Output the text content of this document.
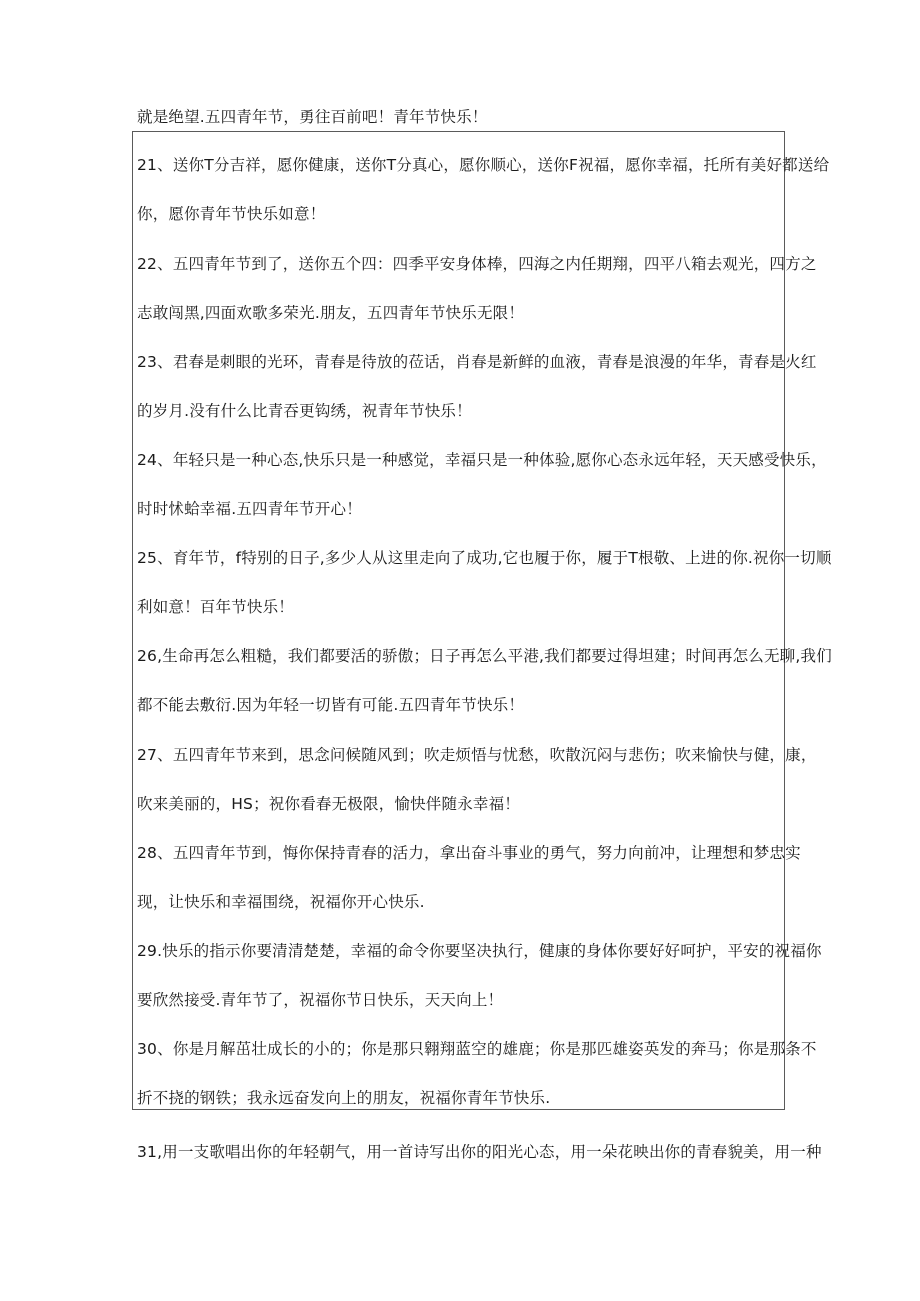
就是绝望.五四青年节，勇往百前吧！青年节快乐！
21、送你T分吉祥，愿你健康，送你T分真心，愿你顺心，送你F祝福，愿你幸福，托所有美好都送给
你，愿你青年节快乐如意！
22、五四青年节到了，送你五个四：四季平安身体棒，四海之内任期翔，四平八箱去观光，四方之
志敢闯黑,四面欢歌多荣光.朋友，五四青年节快乐无限！
23、君春是刺眼的光环，青春是待放的莅话，肖春是新鲜的血液，青春是浪漫的年华，青春是火红
的岁月.没有什么比青吞更钩绣，祝青年节快乐！
24、年轻只是一种心态,快乐只是一种感觉，幸福只是一种体验,愿你心态永远年轻，天天感受快乐，
时时怵蛤幸福.五四青年节开心！
25、育年节，f特别的日子,多少人从这里走向了成功,它也履于你，履于T根敬、上进的你.祝你一切顺
利如意！百年节快乐！
26,生命再怎么粗糙，我们都要活的骄傲；日子再怎么平港,我们都要过得坦建；时间再怎么无聊,我们
都不能去敷衍.因为年轻一切皆有可能.五四青年节快乐！
27、五四青年节来到，思念问候随风到；吹走烦悟与忧愁，吹散沉闷与悲伤；吹来愉快与健，康，
吹来美丽的，HS；祝你看春无极限，愉快伴随永幸福！
28、五四青年节到，悔你保持青春的活力，拿出奋斗事业的勇气，努力向前冲，让理想和梦忠实
现，让快乐和幸福围绕，祝福你开心快乐.
29.快乐的指示你要清清楚楚，幸福的命令你要坚决执行，健康的身体你要好好呵护，平安的祝福你
要欣然接受.青年节了，祝福你节日快乐，天天向上！
30、你是月解茁壮成长的小的；你是那只翱翔蓝空的雄鹿；你是那匹雄姿英发的奔马；你是那条不
折不挠的钢铁；我永远奋发向上的朋友，祝福你青年节快乐.
31,用一支歌唱出你的年轻朝气，用一首诗写出你的阳光心态，用一朵花映出你的青春貌美，用一种
